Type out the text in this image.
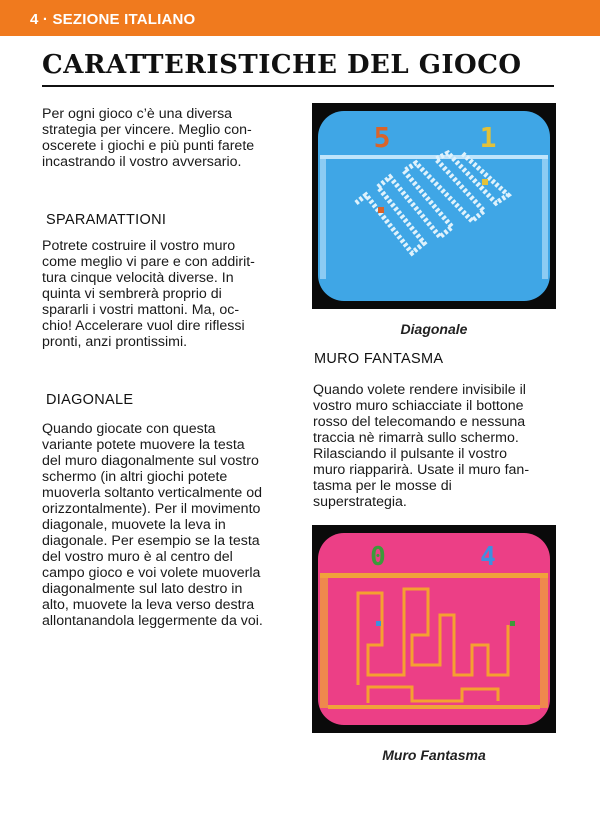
4 · SEZIONE ITALIANO
CARATTERISTICHE DEL GIOCO
Per ogni gioco c’è una diversa
strategia per vincere. Meglio con-
oscerete i giochi e più punti farete
incastrando il vostro avversario.
SPARAMATTIONI
Potrete costruire il vostro muro
come meglio vi pare e con addirit-
tura cinque velocità diverse. In
quinta vi sembrerà proprio di
spararli i vostri mattoni. Ma, oc-
chio! Accelerare vuol dire riflessi
pronti, anzi prontissimi.
DIAGONALE
Quando giocate con questa
variante potete muovere la testa
del muro diagonalmente sul vostro
schermo (in altri giochi potete
muoverla soltanto verticalmente od
orizzontalmente). Per il movimento
diagonale, muovete la leva in
diagonale. Per esempio se la testa
del vostro muro è al centro del
campo gioco e voi volete muoverla
diagonalmente sul lato destro in
alto, muovete la leva verso destra
allontanandola leggermente da voi.
5	1
Diagonale
MURO FANTASMA
Quando volete rendere invisibile il
vostro muro schiacciate il bottone
rosso del telecomando e nessuna
traccia nè rimarrà sullo schermo.
Rilasciando il pulsante il vostro
muro riapparirà. Usate il muro fan-
tasma per le mosse di
superstrategia.
0	4
Muro Fantasma
